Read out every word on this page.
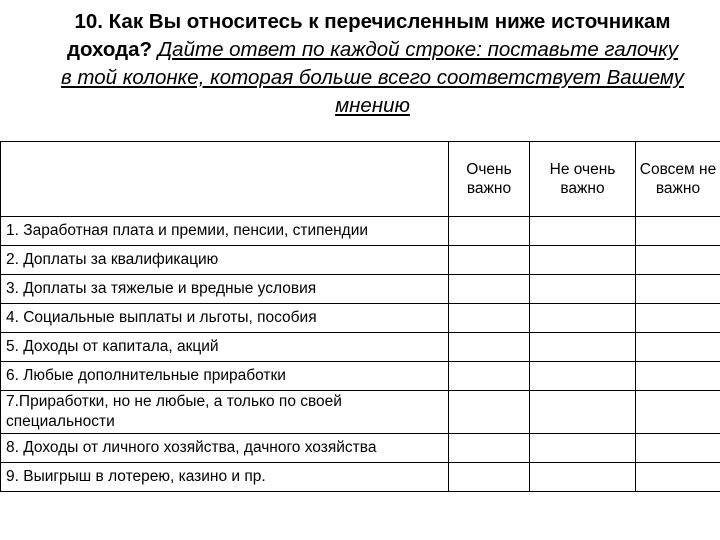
10. Как Вы относитесь к перечисленным ниже источникам дохода? Дайте ответ по каждой строке: поставьте галочку в той колонке, которая больше всего соответствует Вашему мнению

	Очень важно	Не очень важно	Совсем не важно

1. Заработная плата и премии, пенсии, стипендии			
2. Доплаты за квалификацию			
3. Доплаты за тяжелые и вредные условия			
4. Социальные выплаты и льготы, пособия			
5. Доходы от капитала, акций			
6. Любые дополнительные приработки			
7.Приработки, но не любые, а только по своей специальности			
8. Доходы от личного хозяйства, дачного хозяйства			
9. Выигрыш в лотерею, казино и пр.			
